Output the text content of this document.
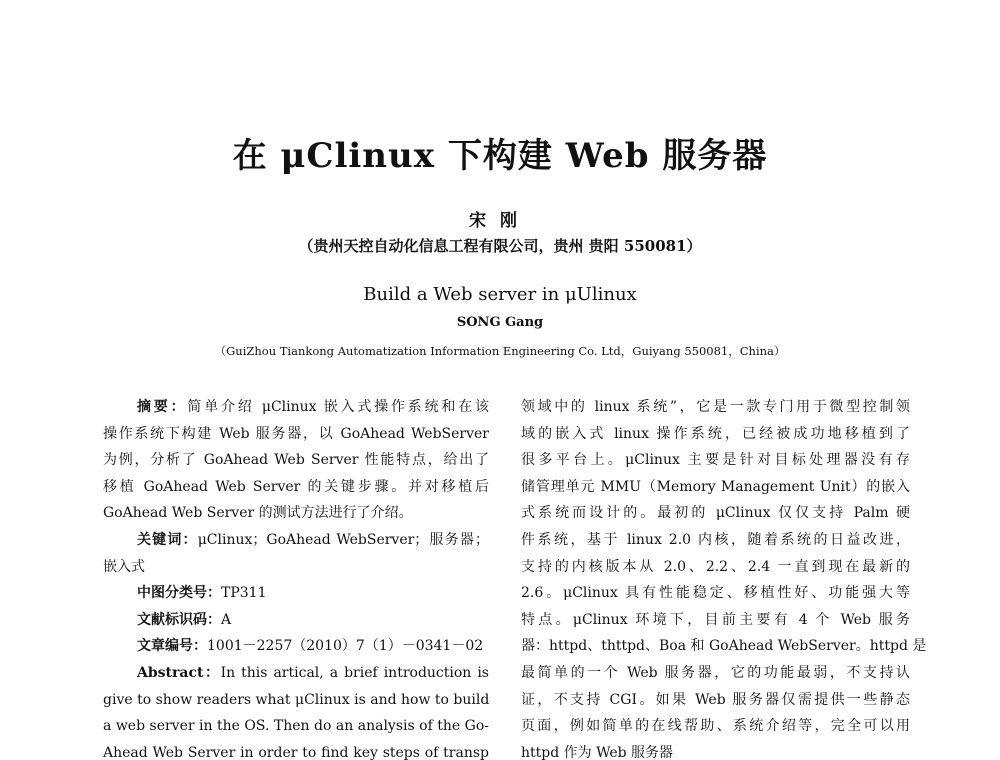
在 μClinux 下构建 Web 服务器
宋刚
（贵州天控自动化信息工程有限公司，贵州 贵阳 550081）
Build a Web server in μUlinux
SONG Gang
（GuiZhou Tiankong Automatization Information Engineering Co. Ltd，Guiyang 550081，China）
摘要：简单介绍 μClinux 嵌入式操作系统和在该
操作系统下构建 Web 服务器，以 GoAhead WebServer
为例，分析了 GoAhead Web Server 性能特点，给出了
移植 GoAhead Web Server 的关键步骤。并对移植后
GoAhead Web Server 的测试方法进行了介绍。
关键词：μClinux；GoAhead WebServer；服务器；
嵌入式
中图分类号：TP311
文献标识码：A
文章编号：1001－2257（2010）7（1）－0341－02
Abstract：In this artical, a brief introduction is
give to show readers what μClinux is and how to build
a web server in the OS. Then do an analysis of the Go-
Ahead Web Server in order to find key steps of transp
领域中的 linux 系统”，它是一款专门用于微型控制领
域的嵌入式 linux 操作系统，已经被成功地移植到了
很多平台上。μClinux 主要是针对目标处理器没有存
储管理单元 MMU（Memory Management Unit）的嵌入
式系统而设计的。最初的 μClinux 仅仅支持 Palm 硬
件系统，基于 linux 2.0 内核，随着系统的日益改进，
支持的内核版本从 2.0、2.2、2.4 一直到现在最新的
2.6。μClinux 具有性能稳定、移植性好、功能强大等
特点。μClinux 环境下，目前主要有 4 个 Web 服务
器：httpd、thttpd、Boa 和 GoAhead WebServer。httpd 是
最简单的一个 Web 服务器，它的功能最弱，不支持认
证，不支持 CGI。如果 Web 服务器仅需提供一些静态
页面，例如简单的在线帮助、系统介绍等，完全可以用
httpd 作为 Web 服务器
